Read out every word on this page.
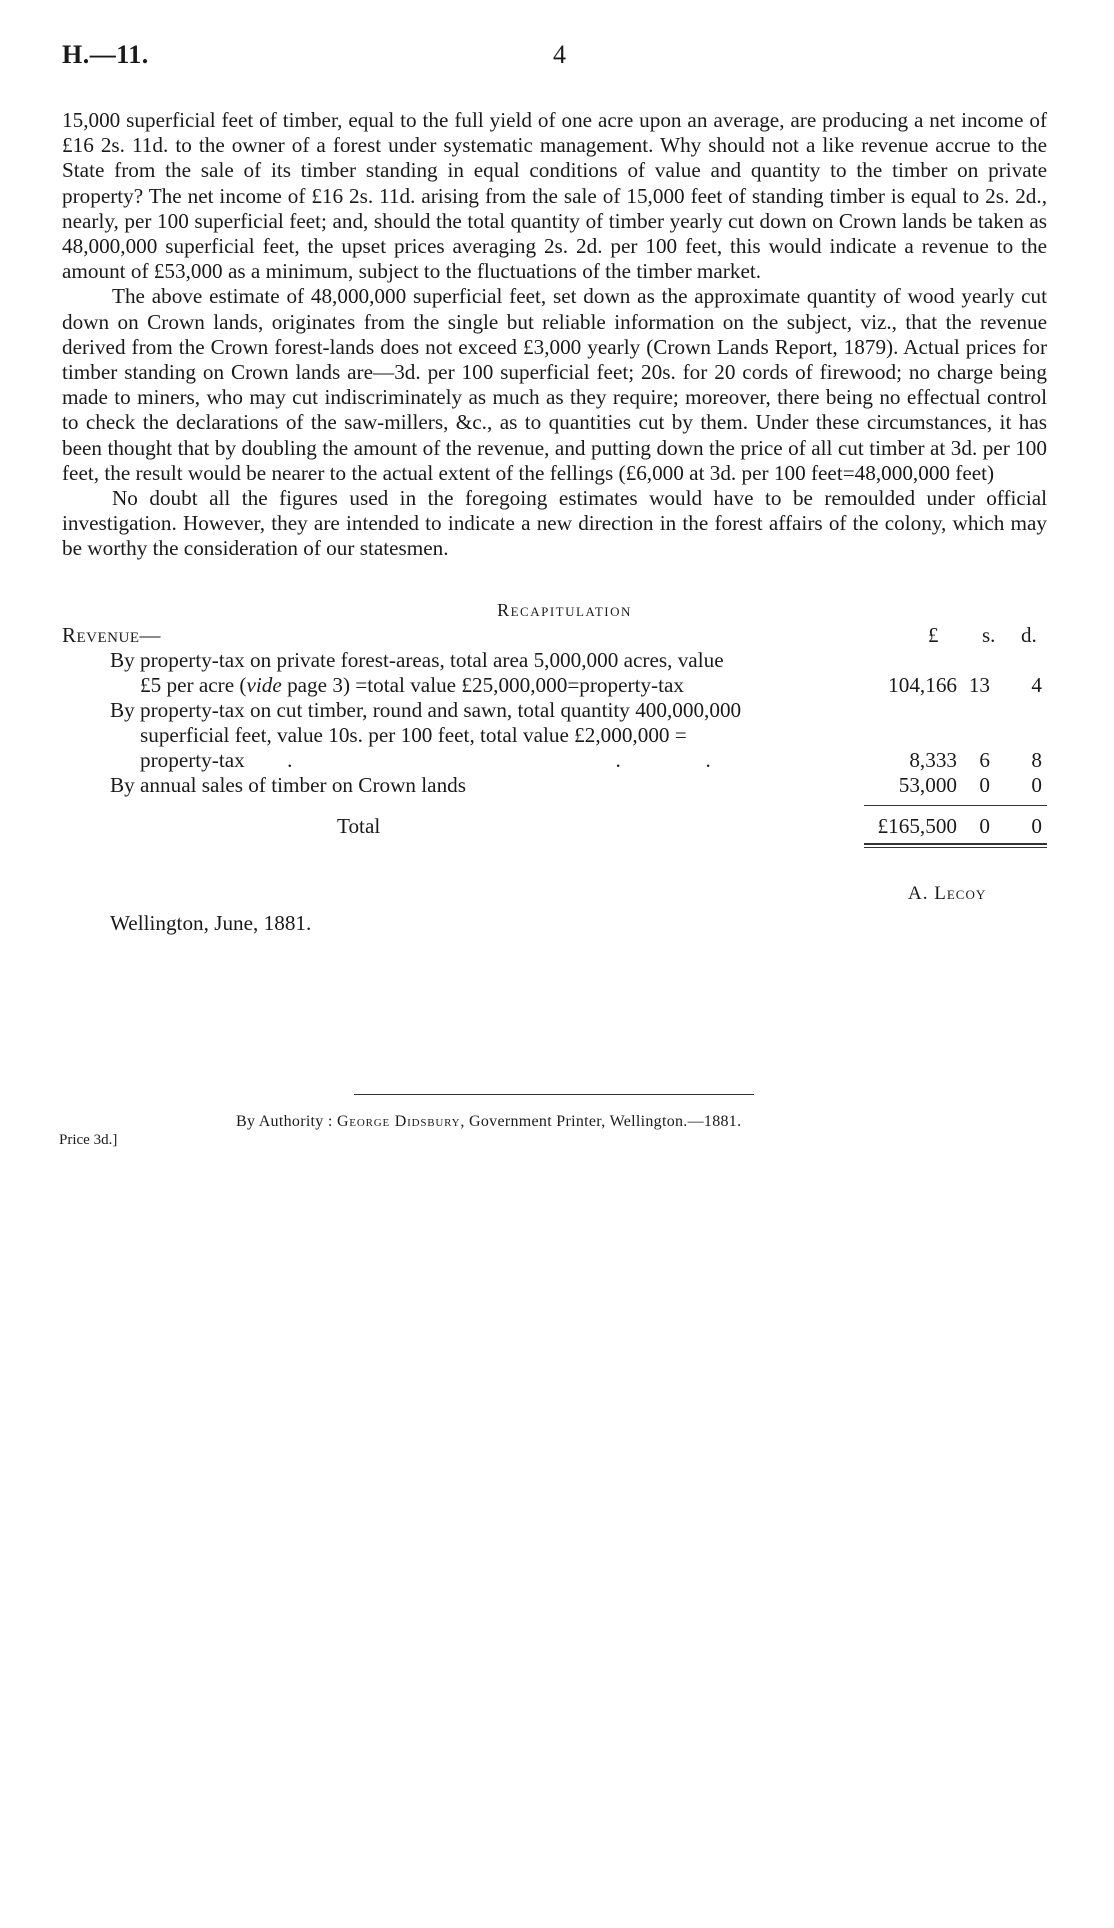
H.—11.	4

15,000 superficial feet of timber, equal to the full yield of one acre upon an average, are producing a net income of £16 2s. 11d. to the owner of a forest under systematic management. Why should not a like revenue accrue to the State from the sale of its timber standing in equal conditions of value and quantity to the timber on private property? The net income of £16 2s. 11d. arising from the sale of 15,000 feet of standing timber is equal to 2s. 2d., nearly, per 100 superficial feet; and, should the total quantity of timber yearly cut down on Crown lands be taken as 48,000,000 superficial feet, the upset prices averaging 2s. 2d. per 100 feet, this would indicate a revenue to the amount of £53,000 as a minimum, subject to the fluctuations of the timber market.

The above estimate of 48,000,000 superficial feet, set down as the approximate quantity of wood yearly cut down on Crown lands, originates from the single but reliable information on the subject, viz., that the revenue derived from the Crown forest-lands does not exceed £3,000 yearly (Crown Lands Report, 1879). Actual prices for timber standing on Crown lands are—3d. per 100 superficial feet; 20s. for 20 cords of firewood; no charge being made to miners, who may cut indiscriminately as much as they require; moreover, there being no effectual control to check the declarations of the saw-millers, &c., as to quantities cut by them. Under these circumstances, it has been thought that by doubling the amount of the revenue, and putting down the price of all cut timber at 3d. per 100 feet, the result would be nearer to the actual extent of the fellings (£6,000 at 3d. per 100 feet=48,000,000 feet)

No doubt all the figures used in the foregoing estimates would have to be remoulded under official investigation. However, they are intended to indicate a new direction in the forest affairs of the colony, which may be worthy the consideration of our statesmen.

Recapitulation
Revenue—	£ s. d.
By property-tax on private forest-areas, total area 5,000,000 acres, value
£5 per acre (vide page 3) =total value £25,000,000=property-tax	104,166 13	4
By property-tax on cut timber, round and sawn, total quantity 400,000,000
superficial feet, value 10s. per 100 feet, total value £2,000,000 =
property-tax        .                                                             .                .	8,333	6	8
By annual sales of timber on Crown lands	53,000	0	0
Total	£165,500	0	0
A. Lecoy
Wellington, June, 1881.
By Authority : George Didsbury, Government Printer, Wellington.—1881.
Price 3d.]
